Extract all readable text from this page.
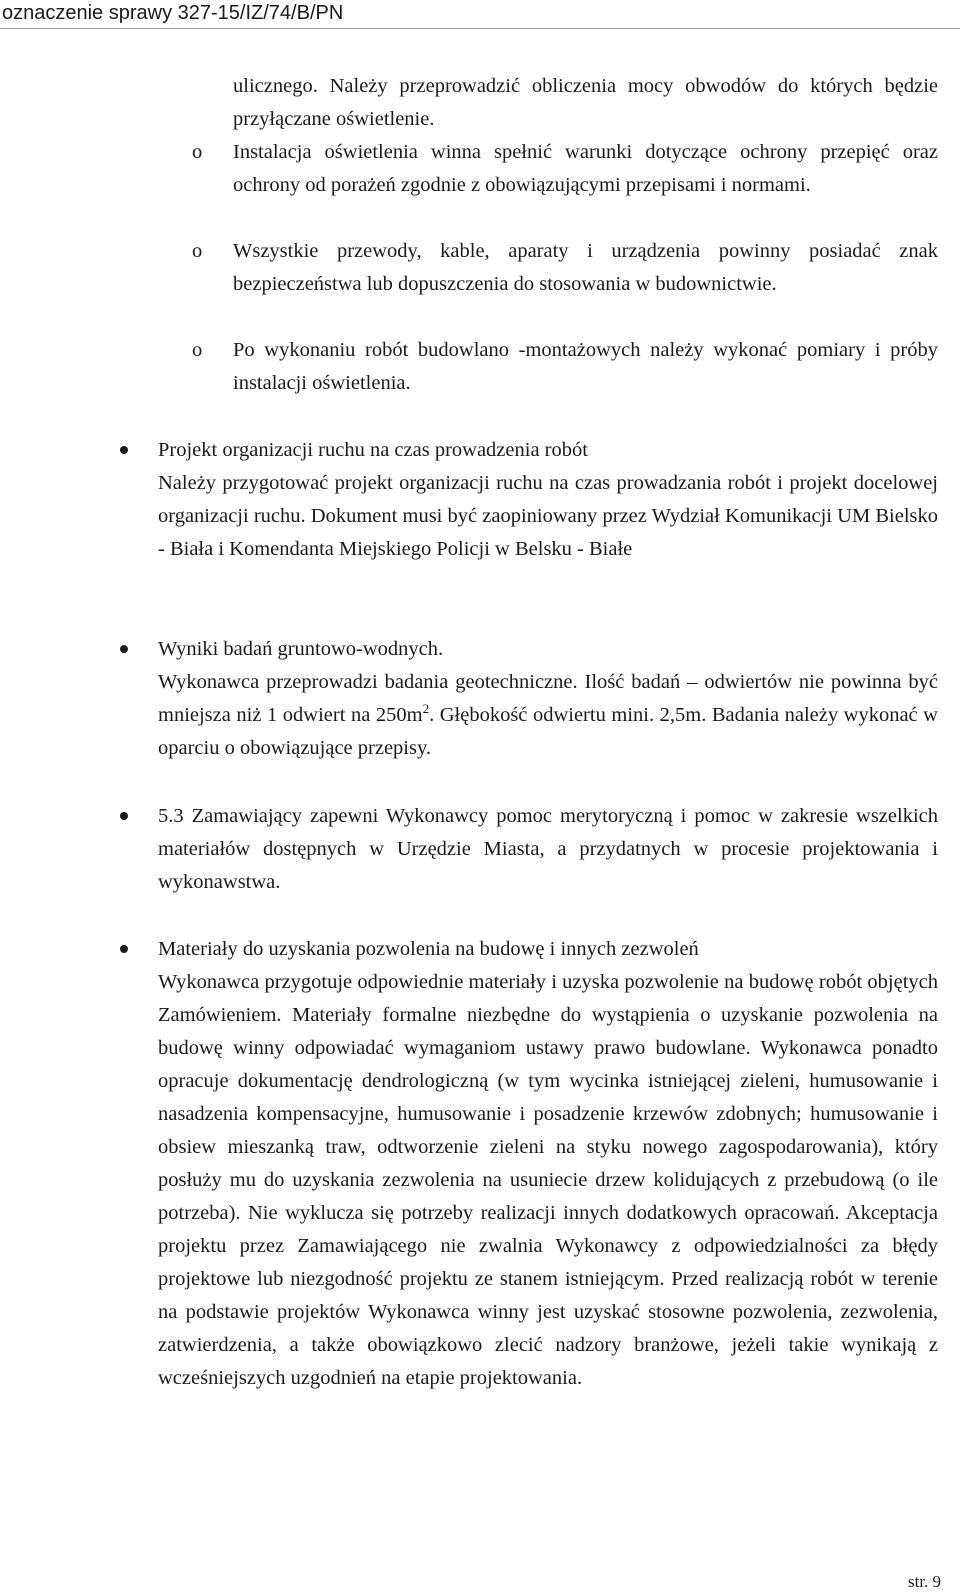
oznaczenie sprawy 327-15/IZ/74/B/PN
ulicznego. Należy przeprowadzić obliczenia mocy obwodów do których będzie przyłączane oświetlenie.
o Instalacja oświetlenia winna spełnić warunki dotyczące ochrony przepięć oraz ochrony od porażeń zgodnie z obowiązującymi przepisami i normami.
o Wszystkie przewody, kable, aparaty i urządzenia powinny posiadać znak bezpieczeństwa lub dopuszczenia do stosowania w budownictwie.
o Po wykonaniu robót budowlano -montażowych należy wykonać pomiary i próby instalacji oświetlenia.
Projekt organizacji ruchu na czas prowadzenia robót
Należy przygotować projekt organizacji ruchu na czas prowadzania robót i projekt docelowej organizacji ruchu. Dokument musi być zaopiniowany przez Wydział Komunikacji UM Bielsko - Biała i Komendanta Miejskiego Policji w Belsku - Białe
Wyniki badań gruntowo-wodnych.
Wykonawca przeprowadzi badania geotechniczne. Ilość badań – odwiertów nie powinna być mniejsza niż 1 odwiert na $250m^2$. Głębokość odwiertu mini. 2,5m. Badania należy wykonać w oparciu o obowiązujące przepisy.
5.3 Zamawiający zapewni Wykonawcy pomoc merytoryczną i pomoc w zakresie wszelkich materiałów dostępnych w Urzędzie Miasta, a przydatnych w procesie projektowania i wykonawstwa.
Materiały do uzyskania pozwolenia na budowę i innych zezwoleń
Wykonawca przygotuje odpowiednie materiały i uzyska pozwolenie na budowę robót objętych Zamówieniem. Materiały formalne niezbędne do wystąpienia o uzyskanie pozwolenia na budowę winny odpowiadać wymaganiom ustawy prawo budowlane. Wykonawca ponadto opracuje dokumentację dendrologiczną (w tym wycinka istniejącej zieleni, humusowanie i nasadzenia kompensacyjne, humusowanie i posadzenie krzewów zdobnych; humusowanie i obsiew mieszanką traw, odtworzenie zieleni na styku nowego zagospodarowania), który posłuży mu do uzyskania zezwolenia na usuniecie drzew kolidujących z przebudową (o ile potrzeba). Nie wyklucza się potrzeby realizacji innych dodatkowych opracowań. Akceptacja projektu przez Zamawiającego nie zwalnia Wykonawcy z odpowiedzialności za błędy projektowe lub niezgodność projektu ze stanem istniejącym. Przed realizacją robót w terenie na podstawie projektów Wykonawca winny jest uzyskać stosowne pozwolenia, zezwolenia, zatwierdzenia, a także obowiązkowo zlecić nadzory branżowe, jeżeli takie wynikają z wcześniejszych uzgodnień na etapie projektowania.
str. 9
